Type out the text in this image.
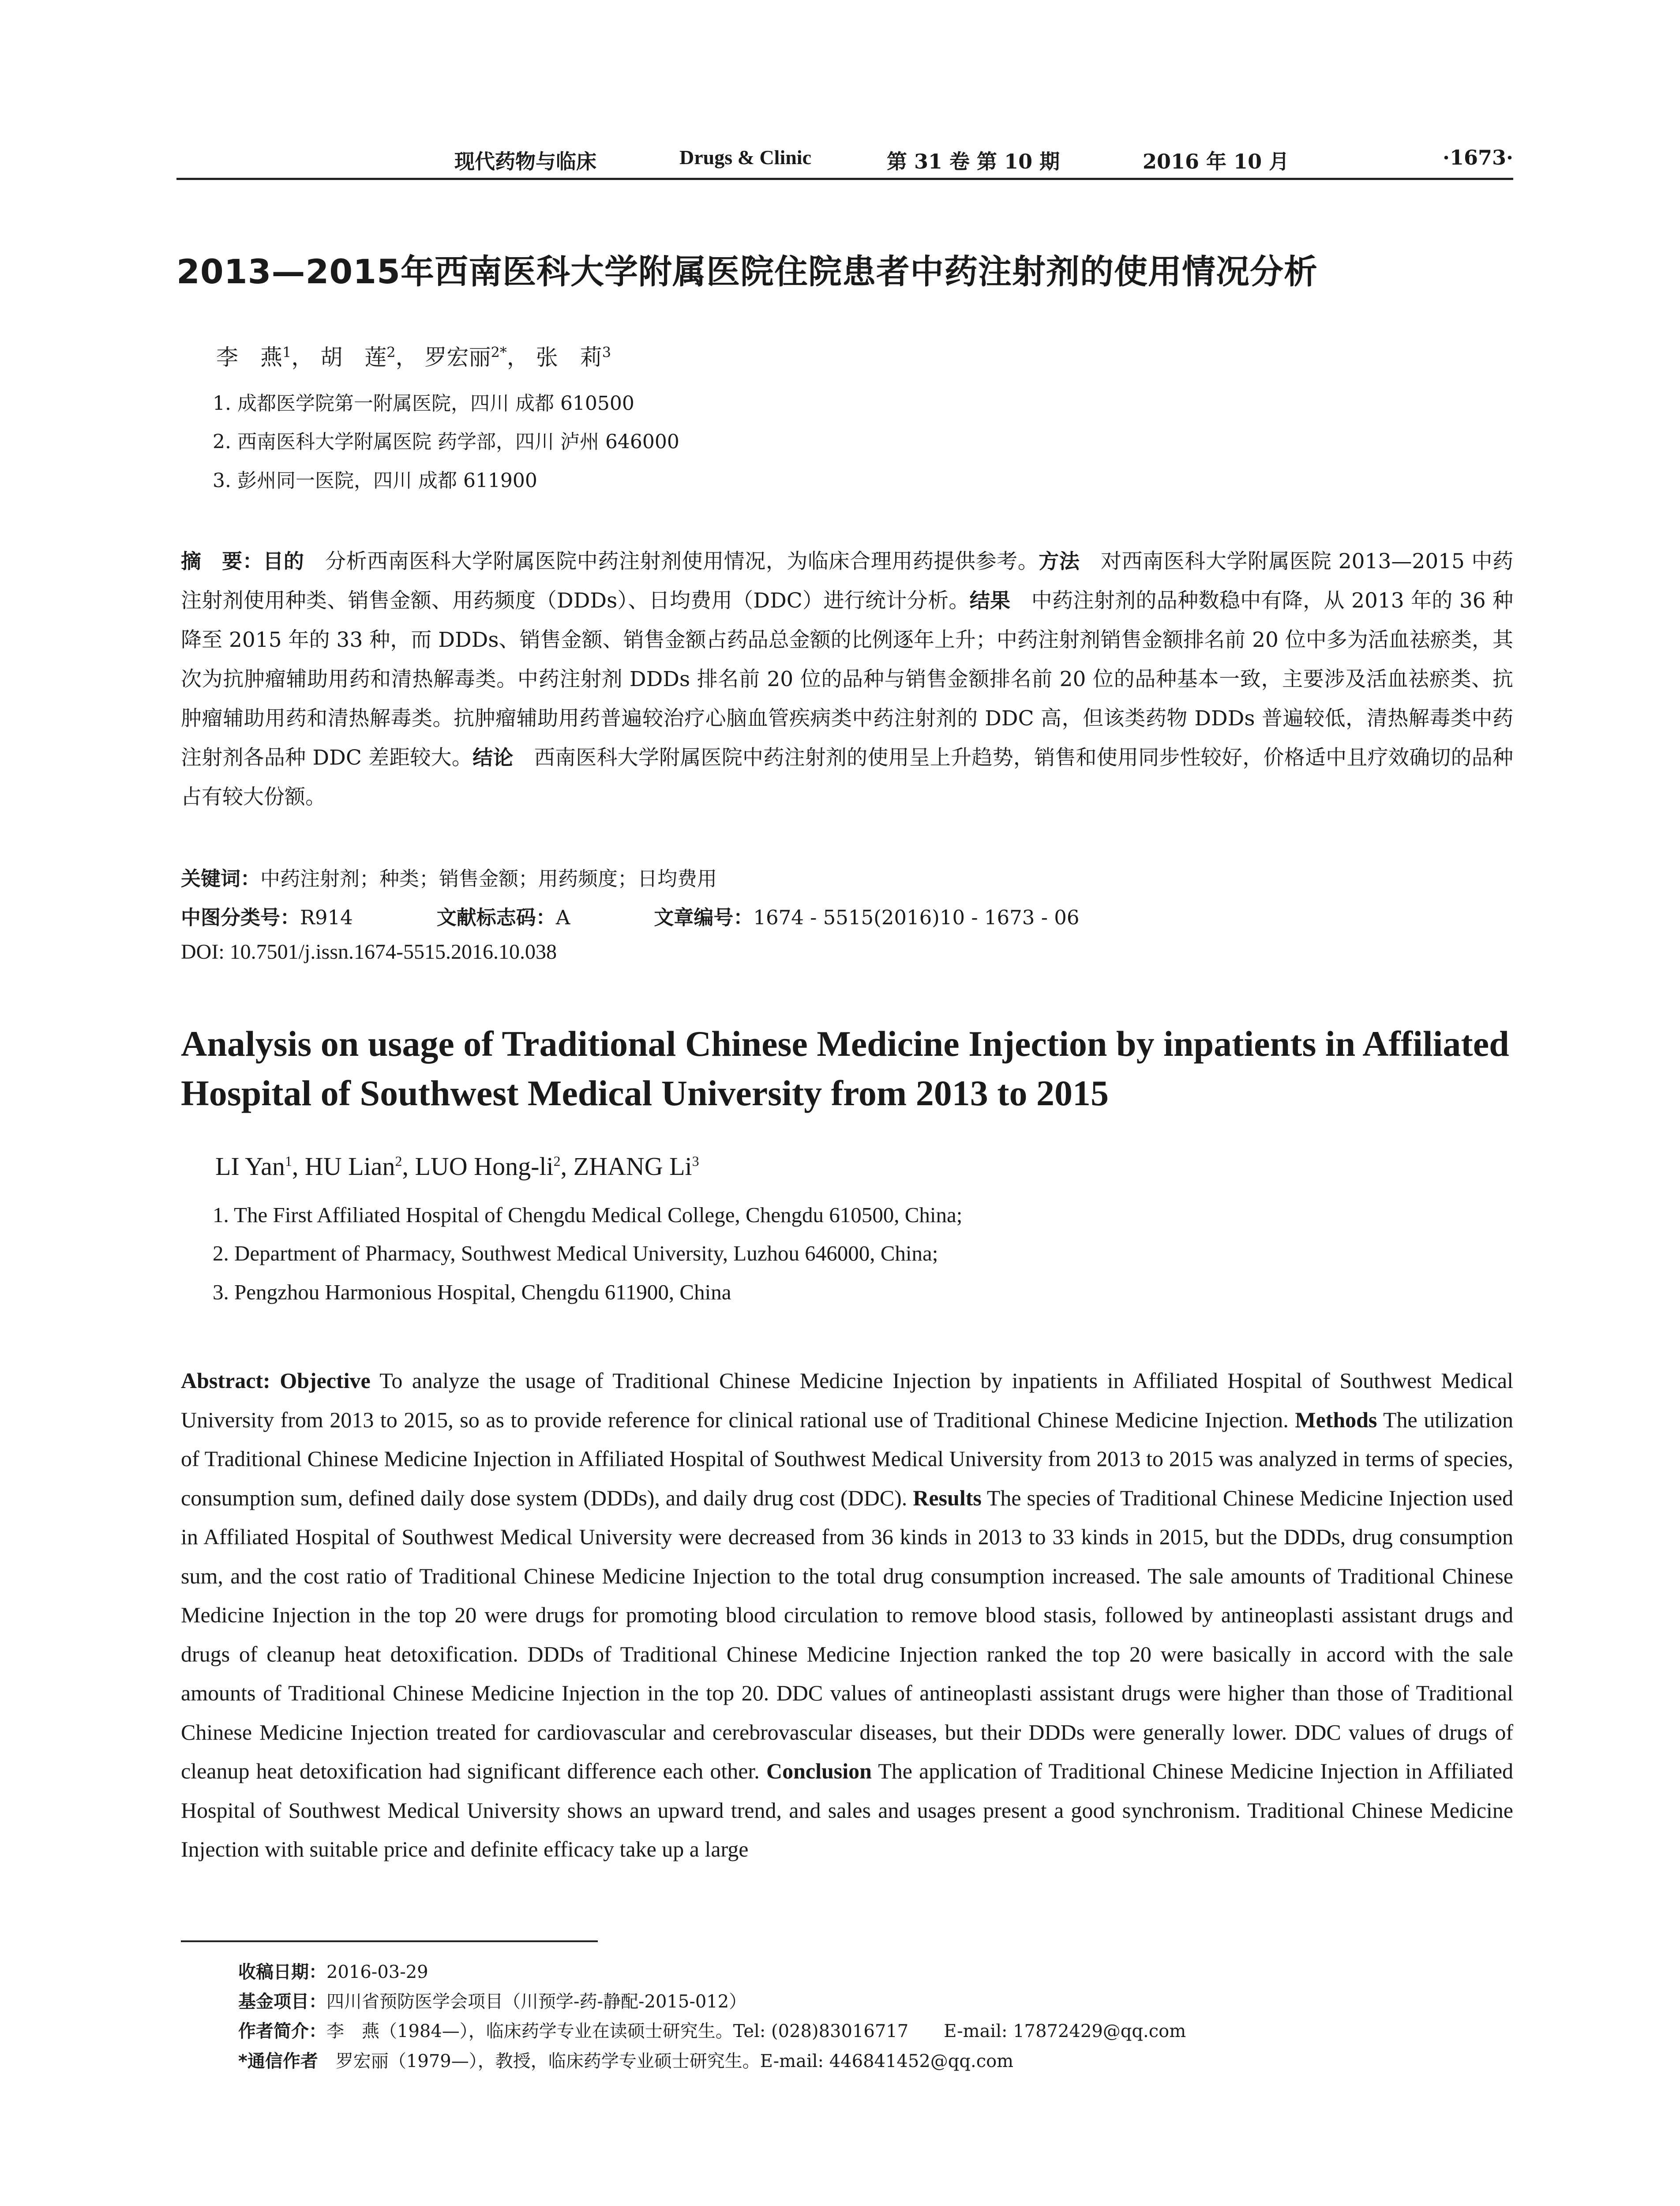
现代药物与临床	Drugs & Clinic	第 31 卷 第 10 期	2016 年 10 月	·1673·
2013—2015年西南医科大学附属医院住院患者中药注射剂的使用情况分析
李　燕$^1$， 胡　莲$^2$， 罗宏丽$^{2*}$， 张　莉$^3$
1. 成都医学院第一附属医院，四川 成都 610500
2. 西南医科大学附属医院 药学部，四川 泸州 646000
3. 彭州同一医院，四川 成都 611900
摘　要：目的　分析西南医科大学附属医院中药注射剂使用情况，为临床合理用药提供参考。方法　对西南医科大学附属医院 2013—2015 中药注射剂使用种类、销售金额、用药频度（DDDs）、日均费用（DDC）进行统计分析。结果　中药注射剂的品种数稳中有降，从 2013 年的 36 种降至 2015 年的 33 种，而 DDDs、销售金额、销售金额占药品总金额的比例逐年上升；中药注射剂销售金额排名前 20 位中多为活血祛瘀类，其次为抗肿瘤辅助用药和清热解毒类。中药注射剂 DDDs 排名前 20 位的品种与销售金额排名前 20 位的品种基本一致，主要涉及活血祛瘀类、抗肿瘤辅助用药和清热解毒类。抗肿瘤辅助用药普遍较治疗心脑血管疾病类中药注射剂的 DDC 高，但该类药物 DDDs 普遍较低，清热解毒类中药注射剂各品种 DDC 差距较大。结论　西南医科大学附属医院中药注射剂的使用呈上升趋势，销售和使用同步性较好，价格适中且疗效确切的品种占有较大份额。
关键词：中药注射剂；种类；销售金额；用药频度；日均费用
中图分类号：R914	文献标志码：A	文章编号：1674 - 5515(2016)10 - 1673 - 06
DOI: 10.7501/j.issn.1674-5515.2016.10.038
Analysis on usage of Traditional Chinese Medicine Injection by inpatients in Affiliated Hospital of Southwest Medical University from 2013 to 2015
LI Yan$^1$, HU Lian$^2$, LUO Hong-$li^2$, ZHANG Li$^3$
1. The First Affiliated Hospital of Chengdu Medical College, Chengdu 610500, China;
2. Department of Pharmacy, Southwest Medical University, Luzhou 646000, China;
3. Pengzhou Harmonious Hospital, Chengdu 611900, China
Abstract: Objective To analyze the usage of Traditional Chinese Medicine Injection by inpatients in Affiliated Hospital of Southwest Medical University from 2013 to 2015, so as to provide reference for clinical rational use of Traditional Chinese Medicine Injection. Methods The utilization of Traditional Chinese Medicine Injection in Affiliated Hospital of Southwest Medical University from 2013 to 2015 was analyzed in terms of species, consumption sum, defined daily dose system (DDDs), and daily drug cost (DDC). Results The species of Traditional Chinese Medicine Injection used in Affiliated Hospital of Southwest Medical University were decreased from 36 kinds in 2013 to 33 kinds in 2015, but the DDDs, drug consumption sum, and the cost ratio of Traditional Chinese Medicine Injection to the total drug consumption increased. The sale amounts of Traditional Chinese Medicine Injection in the top 20 were drugs for promoting blood circulation to remove blood stasis, followed by antineoplasti assistant drugs and drugs of cleanup heat detoxification. DDDs of Traditional Chinese Medicine Injection ranked the top 20 were basically in accord with the sale amounts of Traditional Chinese Medicine Injection in the top 20. DDC values of antineoplasti assistant drugs were higher than those of Traditional Chinese Medicine Injection treated for cardiovascular and cerebrovascular diseases, but their DDDs were generally lower. DDC values of drugs of cleanup heat detoxification had significant difference each other. Conclusion The application of Traditional Chinese Medicine Injection in Affiliated Hospital of Southwest Medical University shows an upward trend, and sales and usages present a good synchronism. Traditional Chinese Medicine Injection with suitable price and definite efficacy take up a large
收稿日期：2016-03-29
基金项目：四川省预防医学会项目（川预学-药-静配-2015-012）
作者简介：李　燕（1984—），临床药学专业在读硕士研究生。Tel: (028)83016717 E-mail: 17872429@qq.com
*通信作者　罗宏丽（1979—），教授，临床药学专业硕士研究生。E-mail: 446841452@qq.com
